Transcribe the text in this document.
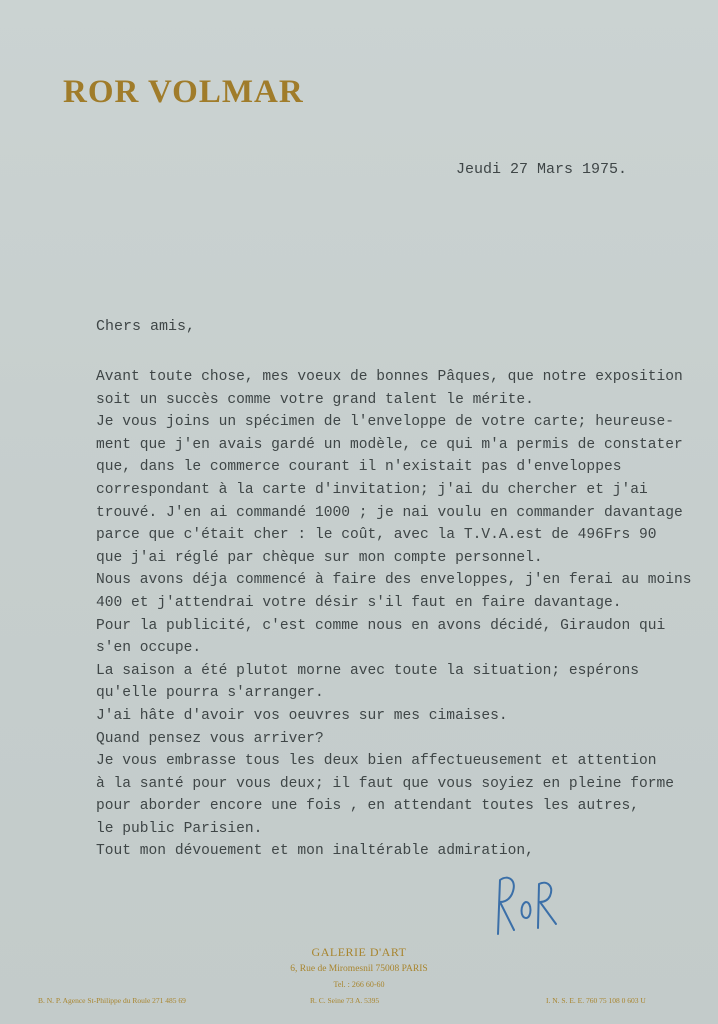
ROR VOLMAR
Jeudi 27 Mars 1975.
Chers amis,
Avant toute chose, mes voeux de bonnes Pâques, que notre exposition
soit un succès comme votre grand talent le mérite.
Je vous joins un spécimen de l'enveloppe de votre carte; heureuse-
ment que j'en avais gardé un modèle, ce qui m'a permis de constater
que, dans le commerce courant il n'existait pas d'enveloppes
correspondant à la carte d'invitation; j'ai du chercher et j'ai
trouvé. J'en ai commandé 1000 ; je nai voulu en commander davantage
parce que c'était cher : le coût, avec la T.V.A.est de 496Frs 90
que j'ai réglé par chèque sur mon compte personnel.
Nous avons déja commencé à faire des enveloppes, j'en ferai au moins
400 et j'attendrai votre désir s'il faut en faire davantage.
Pour la publicité, c'est comme nous en avons décidé, Giraudon qui
s'en occupe.
La saison a été plutot morne avec toute la situation; espérons
qu'elle pourra s'arranger.
J'ai hâte d'avoir vos oeuvres sur mes cimaises.
Quand pensez vous arriver?
Je vous embrasse tous les deux bien affectueusement et attention
à la santé pour vous deux; il faut que vous soyiez en pleine forme
pour aborder encore une fois , en attendant toutes les autres,
le public Parisien.
Tout mon dévouement et mon inaltérable admiration,
GALERIE D'ART
6, Rue de Miromesnil 75008 PARIS
Tel. : 266 60-60
B. N. P. Agence St-Philippe du Roule 271 485 69	R. C. Seine 73 A. 5395	I. N. S. E. E. 760 75 108 0 603 U
